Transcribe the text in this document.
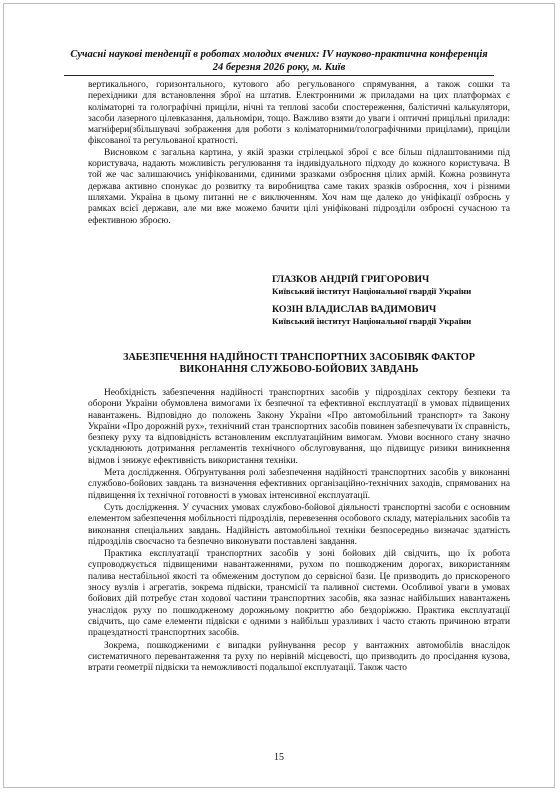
Сучасні наукові тенденції в роботах молодих вчених: IV науково-практична конференція
24 березня 2026 року, м. Київ

вертикального, горизонтального, кутового або регульованого спрямування, а також сошки та перехідники для встановлення зброї на штатив. Електронними ж приладами на цих платформах є коліматорні та голографічні приціли, нічні та теплові засоби спостереження, балістичні калькулятори, засоби лазерного цілевказання, дальноміри, тощо. Важливо взяти до уваги і оптичні прицільні прилади: магніфери(збільшувачі зображення для роботи з коліматорними/голографічними прицілами), приціли фіксованої та регульованої кратності.

Висновком є загальна картина, у якій зразки стрілецької зброї є все більш підлаштованими під користувача, надають можливість регулювання та індивідуального підходу до кожного користувача. В той же час залишаючись уніфікованими, єдиними зразками озброєння цілих армій. Кожна розвинута держава активно спонукає до розвитку та виробництва саме таких зразків озброєння, хоч і різними шляхами. Україна в цьому питанні не є виключенням. Хоч нам ще далеко до уніфікації озброєнь у рамках всієї держави, але ми вже можемо бачити цілі уніфіковані підрозділи озброєні сучасною та ефективною зброєю.

ГЛАЗКОВ АНДРІЙ ГРИГОРОВИЧ
Київський інститут Національної гвардії України
КОЗІН ВЛАДИСЛАВ ВАДИМОВИЧ
Київський інститут Національної гвардії України
ЗАБЕЗПЕЧЕННЯ НАДІЙНОСТІ ТРАНСПОРТНИХ ЗАСОБІВЯК ФАКТОР
ВИКОНАННЯ СЛУЖБОВО-БОЙОВИХ ЗАВДАНЬ

Необхідність забезпечення надійності транспортних засобів у підрозділах сектору безпеки та оборони України обумовлена вимогами їх безпечної та ефективної експлуатації в умовах підвищених навантажень. Відповідно до положень Закону України «Про автомобільний транспорт» та Закону України «Про дорожній рух», технічний стан транспортних засобів повинен забезпечувати їх справність, безпеку руху та відповідність встановленим експлуатаційним вимогам. Умови воєнного стану значно ускладнюють дотримання регламентів технічного обслуговування, що підвищує ризики виникнення відмов і знижує ефективність використання техніки.

Мета дослідження. Обґрунтування ролі забезпечення надійності транспортних засобів у виконанні службово-бойових завдань та визначення ефективних організаційно-технічних заходів, спрямованих на підвищення їх технічної готовності в умовах інтенсивної експлуатації.

Суть дослідження. У сучасних умовах службово-бойової діяльності транспортні засоби є основним елементом забезпечення мобільності підрозділів, перевезення особового складу, матеріальних засобів та виконання спеціальних завдань. Надійність автомобільної техніки безпосередньо визначає здатність підрозділів своєчасно та безпечно виконувати поставлені завдання.

Практика експлуатації транспортних засобів у зоні бойових дій свідчить, що їх робота супроводжується підвищеними навантаженнями, рухом по пошкодженим дорогах, використанням палива нестабільної якості та обмеженим доступом до сервісної бази. Це призводить до прискореного зносу вузлів і агрегатів, зокрема підвіски, трансмісії та паливної системи. Особливої уваги в умовах бойових дій потребує стан ходової частини транспортних засобів, яка зазнає найбільших навантажень унаслідок руху по пошкодженому дорожньому покриттю або бездоріжжю. Практика експлуатації свідчить, що саме елементи підвіски є одними з найбільш уразливих і часто стають причиною втрати працездатності транспортних засобів.

Зокрема, пошкодженими є випадки руйнування ресор у вантажних автомобілів внаслідок систематичного перевантаження та руху по нерівній місцевості, що призводить до просідання кузова, втрати геометрії підвіски та неможливості подальшої експлуатації. Також часто

15
